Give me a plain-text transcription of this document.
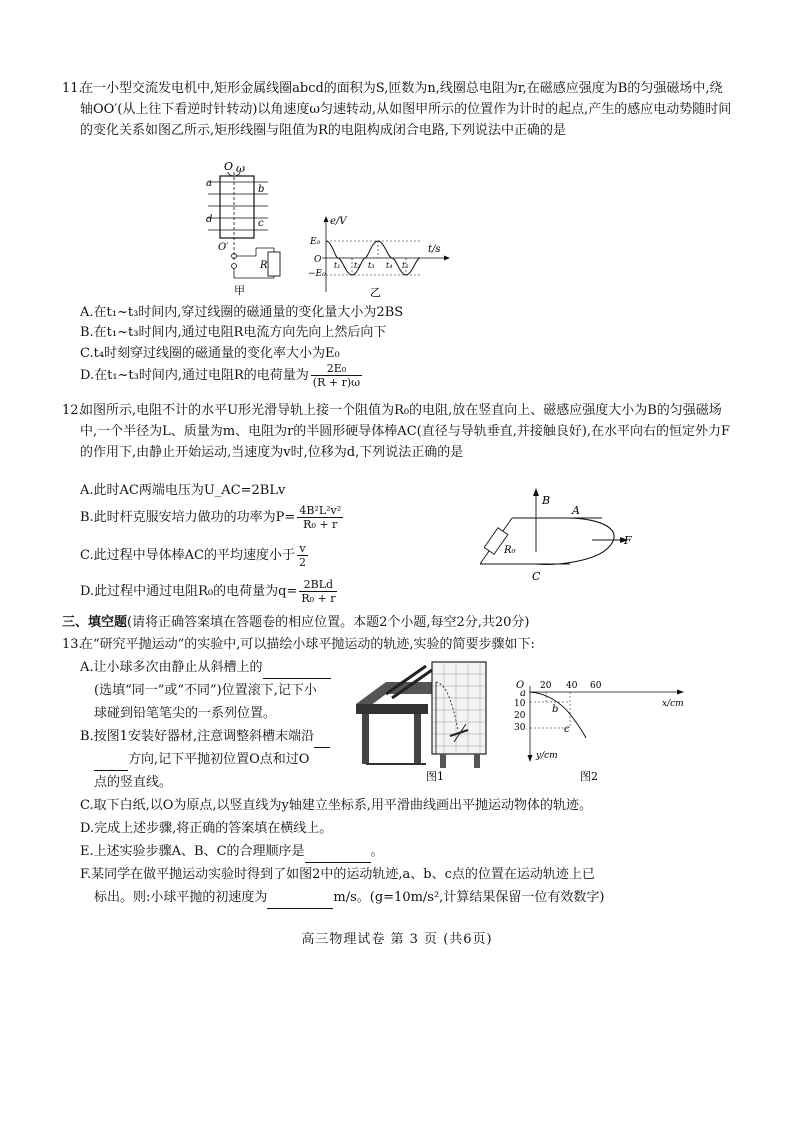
11.
在一小型交流发电机中,矩形金属线圈abcd的面积为S,匝数为n,线圈总电阻为r,在磁感应强度为B的匀强磁场中,绕轴OO′(从上往下看逆时针转动)以角速度ω匀速转动,从如图甲所示的位置作为计时的起点,产生的感应电动势随时间的变化关系如图乙所示,矩形线圈与阻值为R的电阻构成闭合电路,下列说法中正确的是
O ω
a
b
c
d
O′
R
甲
e/V
t/s
E₀
O
−E₀
t₁ t₂ t₃ t₄ t₅
乙
A.在t₁~t₃时间内,穿过线圈的磁通量的变化量大小为2BS
B.在t₁~t₃时间内,通过电阻R电流方向先向上然后向下
C.t₄时刻穿过线圈的磁通量的变化率大小为E₀
D.在t₁~t₃时间内,通过电阻R的电荷量为 $\frac{\text{2E₀}}{(R + r)\omega}$
12.
如图所示,电阻不计的水平U形光滑导轨上接一个阻值为R₀的电阻,放在竖直向上、磁感应强度大小为B的匀强磁场中,一个半径为L、质量为m、电阻为r的半圆形硬导体棒AC(直径与导轨垂直,并接触良好),在水平向右的恒定外力F的作用下,由静止开始运动,当速度为v时,位移为d,下列说法正确的是
A.此时AC两端电压为U_AC=2BLv
B.此时杆克服安培力做功的功率为$P= \frac{\text{4B²L²v²}}{\text{R₀ + r}}$
C.此过程中导体棒AC的平均速度小于 $\frac{v}{2}$
D.此过程中通过电阻R₀的电荷量为$q= \frac{\text{2BLd}}{\text{R₀ + r}}$
B
R₀
A
C
F
三、填空题(请将正确答案填在答题卷的相应位置。本题2个小题,每空2分,共20分)
13.
在“研究平抛运动”的实验中,可以描绘小球平抛运动的轨迹,实验的简要步骤如下:
A.让小球多次由静止从斜槽上的
(选填“同一”或“不同”)位置滚下,记下小
球碰到铅笔笔尖的一系列位置。
B.按图1安装好器材,注意调整斜槽末端沿
方向,记下平抛初位置O点和过O
点的竖直线。
C.取下白纸,以O为原点,以竖直线为y轴建立坐标系,用平滑曲线画出平抛运动物体的轨迹。
D.完成上述步骤,将正确的答案填在横线上。
E.上述实验步骤A、B、C的合理顺序是	。
F.某同学在做平抛运动实验时得到了如图2中的运动轨迹,a、b、c点的位置在运动轨迹上已
标出。则:小球平抛的初速度为	m/s。(g=10m/s²,计算结果保留一位有效数字)
图1
O 20 40 60
x/cm
10
20
30
y/cm
a
b
c
图2
高三物理试卷 第 3 页 (共6页)
